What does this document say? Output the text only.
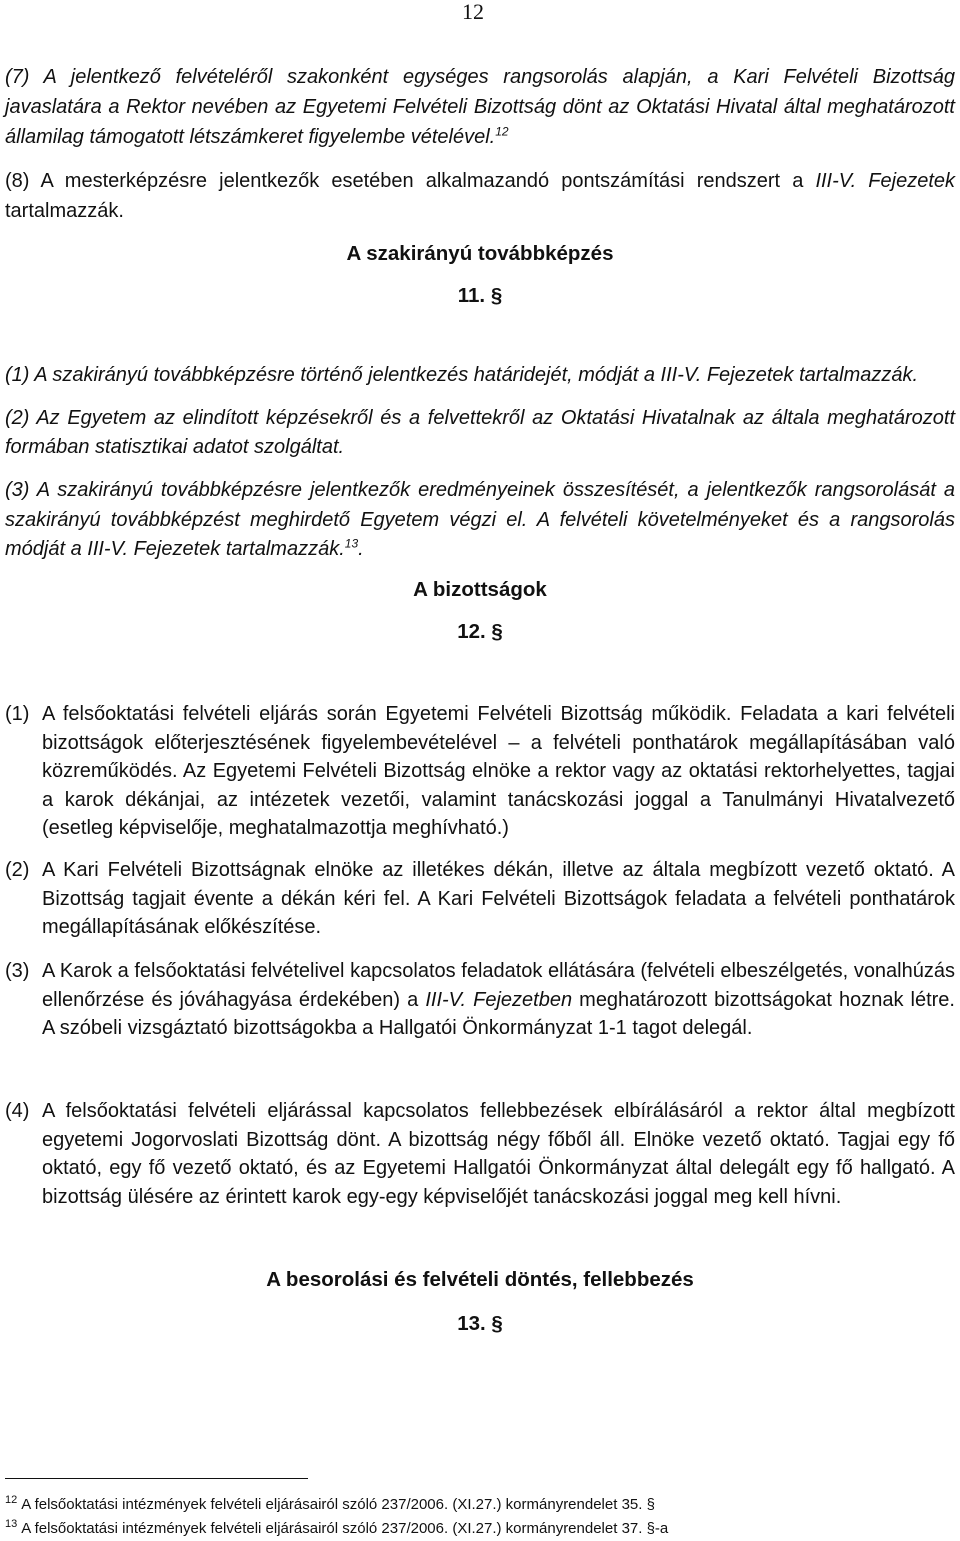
12

(7) A jelentkező felvételéről szakonként egységes rangsorolás alapján, a Kari Felvételi Bizottság javaslatára a Rektor nevében az Egyetemi Felvételi Bizottság dönt az Oktatási Hivatal által meghatározott államilag támogatott létszámkeret figyelembe vételével.$^{12}$

(8) A mesterképzésre jelentkezők esetében alkalmazandó pontszámítási rendszert a III-V. Fejezetek tartalmazzák.

A szakirányú továbbképzés
11. §
(1) A szakirányú továbbképzésre történő jelentkezés határidejét, módját a III-V. Fejezetek tartalmazzák.
(2) Az Egyetem az elindított képzésekről és a felvettekről az Oktatási Hivatalnak az általa meghatározott formában statisztikai adatot szolgáltat.
(3) A szakirányú továbbképzésre jelentkezők eredményeinek összesítését, a jelentkezők rangsorolását a szakirányú továbbképzést meghirdető Egyetem végzi el. A felvételi követelményeket és a rangsorolás módját a III-V. Fejezetek tartalmazzák.$^{13}$.
A bizottságok
12. §
(1) A felsőoktatási felvételi eljárás során Egyetemi Felvételi Bizottság működik. Feladata a kari felvételi bizottságok előterjesztésének figyelembevételével – a felvételi ponthatárok megállapításában való közreműködés. Az Egyetemi Felvételi Bizottság elnöke a rektor vagy az oktatási rektorhelyettes, tagjai a karok dékánjai, az intézetek vezetői, valamint tanácskozási joggal a Tanulmányi Hivatalvezető (esetleg képviselője, meghatalmazottja meghívható.)
(2) A Kari Felvételi Bizottságnak elnöke az illetékes dékán, illetve az általa megbízott vezető oktató. A Bizottság tagjait évente a dékán kéri fel. A Kari Felvételi Bizottságok feladata a felvételi ponthatárok megállapításának előkészítése.
(3) A Karok a felsőoktatási felvételivel kapcsolatos feladatok ellátására (felvételi elbeszélgetés, vonalhúzás ellenőrzése és jóváhagyása érdekében) a III-V. Fejezetben meghatározott bizottságokat hoznak létre. A szóbeli vizsgáztató bizottságokba a Hallgatói Önkormányzat 1-1 tagot delegál.
(4) A felsőoktatási felvételi eljárással kapcsolatos fellebbezések elbírálásáról a rektor által megbízott egyetemi Jogorvoslati Bizottság dönt. A bizottság négy főből áll. Elnöke vezető oktató. Tagjai egy fő oktató, egy fő vezető oktató, és az Egyetemi Hallgatói Önkormányzat által delegált egy fő hallgató. A bizottság ülésére az érintett karok egy-egy képviselőjét tanácskozási joggal meg kell hívni.
A besorolási és felvételi döntés, fellebbezés
13. §
$^{12}$ A felsőoktatási intézmények felvételi eljárásairól szóló 237/2006. (XI.27.) kormányrendelet 35. §
$^{13}$ A felsőoktatási intézmények felvételi eljárásairól szóló 237/2006. (XI.27.) kormányrendelet 37. §-a
